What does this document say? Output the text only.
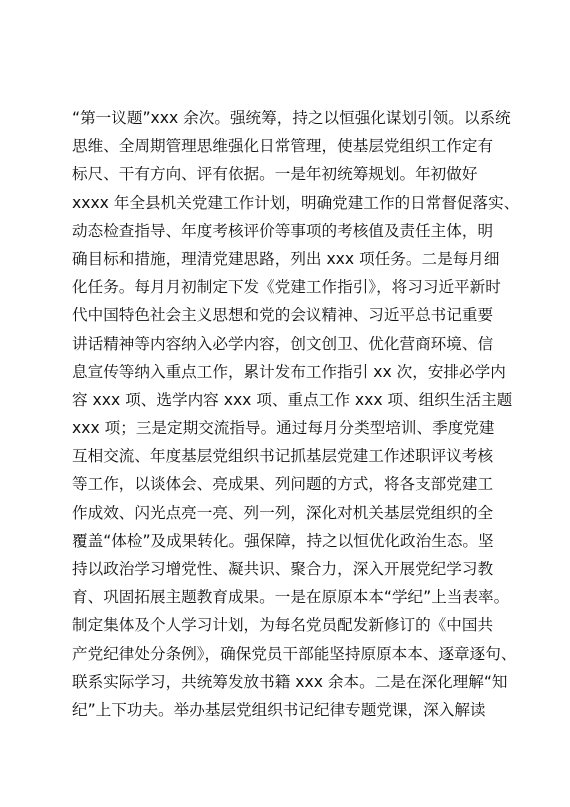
“第一议题”xxx 余次。强统筹，持之以恒强化谋划引领。以系统
思维、全周期管理思维强化日常管理，使基层党组织工作定有
标尺、干有方向、评有依据。一是年初统筹规划。年初做好
xxxx 年全县机关党建工作计划，明确党建工作的日常督促落实、
动态检查指导、年度考核评价等事项的考核值及责任主体，明
确目标和措施，理清党建思路，列出 xxx 项任务。二是每月细
化任务。每月月初制定下发《党建工作指引》，将习习近平新时
代中国特色社会主义思想和党的会议精神、习近平总书记重要
讲话精神等内容纳入必学内容，创文创卫、优化营商环境、信
息宣传等纳入重点工作，累计发布工作指引 xx 次，安排必学内
容 xxx 项、选学内容 xxx 项、重点工作 xxx 项、组织生活主题
xxx 项；三是定期交流指导。通过每月分类型培训、季度党建
互相交流、年度基层党组织书记抓基层党建工作述职评议考核
等工作，以谈体会、亮成果、列问题的方式，将各支部党建工
作成效、闪光点亮一亮、列一列，深化对机关基层党组织的全
覆盖“体检”及成果转化。强保障，持之以恒优化政治生态。坚
持以政治学习增党性、凝共识、聚合力，深入开展党纪学习教
育、巩固拓展主题教育成果。一是在原原本本“学纪”上当表率。
制定集体及个人学习计划，为每名党员配发新修订的《中国共
产党纪律处分条例》，确保党员干部能坚持原原本本、逐章逐句、
联系实际学习，共统筹发放书籍 xxx 余本。二是在深化理解“知
纪”上下功夫。举办基层党组织书记纪律专题党课，深入解读
